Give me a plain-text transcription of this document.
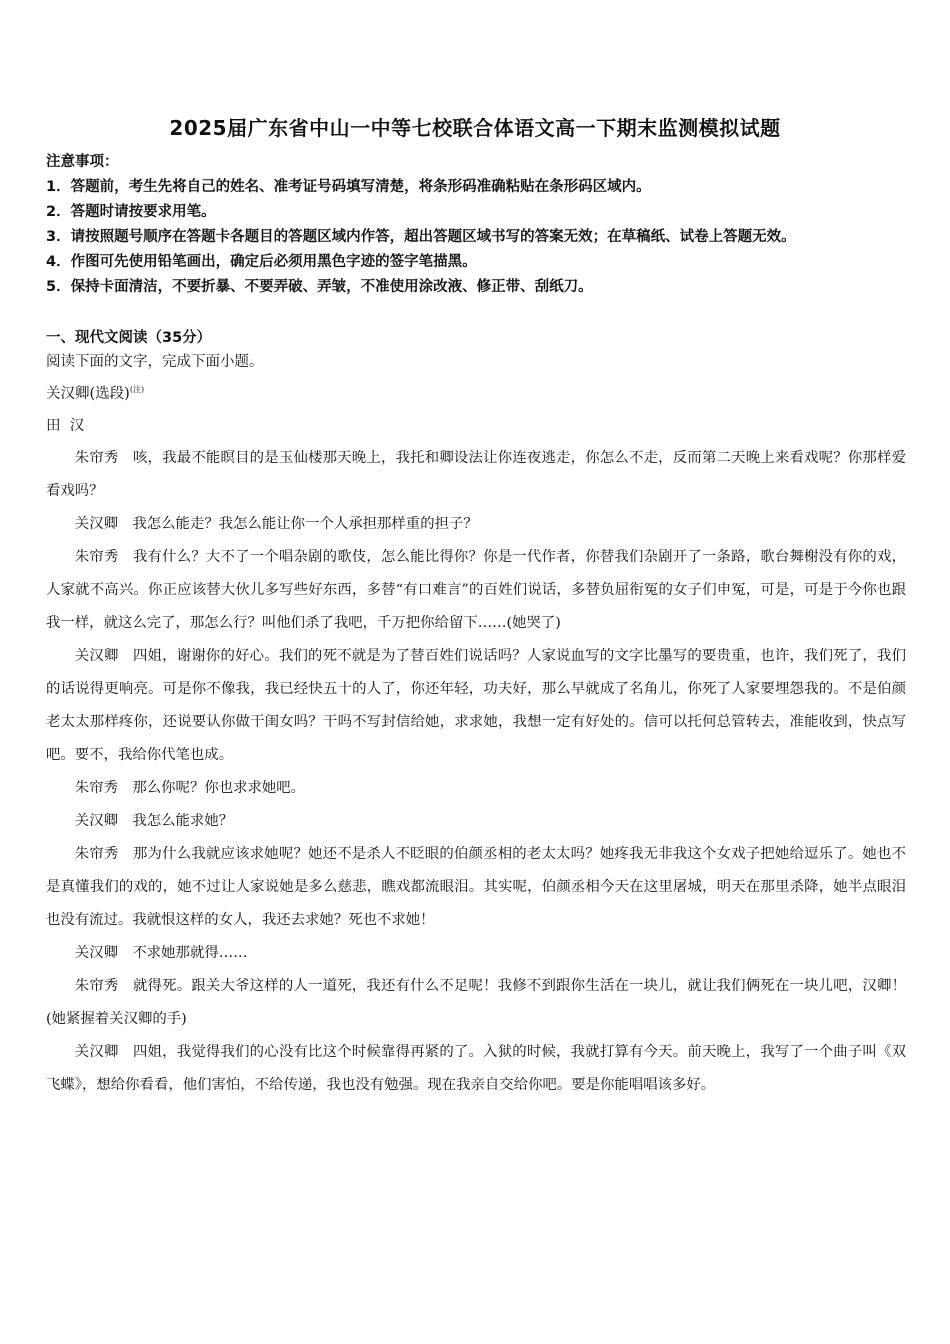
2025届广东省中山一中等七校联合体语文高一下期末监测模拟试题
注意事项：
1．答题前，考生先将自己的姓名、准考证号码填写清楚，将条形码准确粘贴在条形码区域内。
2．答题时请按要求用笔。
3．请按照题号顺序在答题卡各题目的答题区域内作答，超出答题区域书写的答案无效；在草稿纸、试卷上答题无效。
4．作图可先使用铅笔画出，确定后必须用黑色字迹的签字笔描黑。
5．保持卡面清洁，不要折暴、不要弄破、弄皱，不准使用涂改液、修正带、刮纸刀。
一、现代文阅读（35分）
阅读下面的文字，完成下面小题。
关汉卿(选段)$^{(注)}$
田  汉

朱帘秀 咳，我最不能瞑目的是玉仙楼那天晚上，我托和卿设法让你连夜逃走，你怎么不走，反而第二天晚上来看戏呢？你那样爱看戏吗？

关汉卿 我怎么能走？我怎么能让你一个人承担那样重的担子？

朱帘秀 我有什么？大不了一个唱杂剧的歌伎，怎么能比得你？你是一代作者，你替我们杂剧开了一条路，歌台舞榭没有你的戏，人家就不高兴。你正应该替大伙儿多写些好东西，多替“有口难言”的百姓们说话，多替负屈衔冤的女子们申冤，可是，可是于今你也跟我一样，就这么完了，那怎么行？叫他们杀了我吧，千万把你给留下……(她哭了)

关汉卿 四姐，谢谢你的好心。我们的死不就是为了替百姓们说话吗？人家说血写的文字比墨写的要贵重，也许，我们死了，我们的话说得更响亮。可是你不像我，我已经快五十的人了，你还年轻，功夫好，那么早就成了名角儿，你死了人家要埋怨我的。不是伯颜老太太那样疼你，还说要认你做干闺女吗？干吗不写封信给她，求求她，我想一定有好处的。信可以托何总管转去，准能收到，快点写吧。要不，我给你代笔也成。

朱帘秀 那么你呢？你也求求她吧。

关汉卿 我怎么能求她？

朱帘秀 那为什么我就应该求她呢？她还不是杀人不眨眼的伯颜丞相的老太太吗？她疼我无非我这个女戏子把她给逗乐了。她也不是真懂我们的戏的，她不过让人家说她是多么慈悲，瞧戏都流眼泪。其实呢，伯颜丞相今天在这里屠城，明天在那里杀降，她半点眼泪也没有流过。我就恨这样的女人，我还去求她？死也不求她！

关汉卿 不求她那就得……

朱帘秀 就得死。跟关大爷这样的人一道死，我还有什么不足呢！我修不到跟你生活在一块儿，就让我们俩死在一块儿吧，汉卿！(她紧握着关汉卿的手)

关汉卿 四姐，我觉得我们的心没有比这个时候靠得再紧的了。入狱的时候，我就打算有今天。前天晚上，我写了一个曲子叫《双飞蝶》，想给你看看，他们害怕，不给传递，我也没有勉强。现在我亲自交给你吧。要是你能唱唱该多好。
